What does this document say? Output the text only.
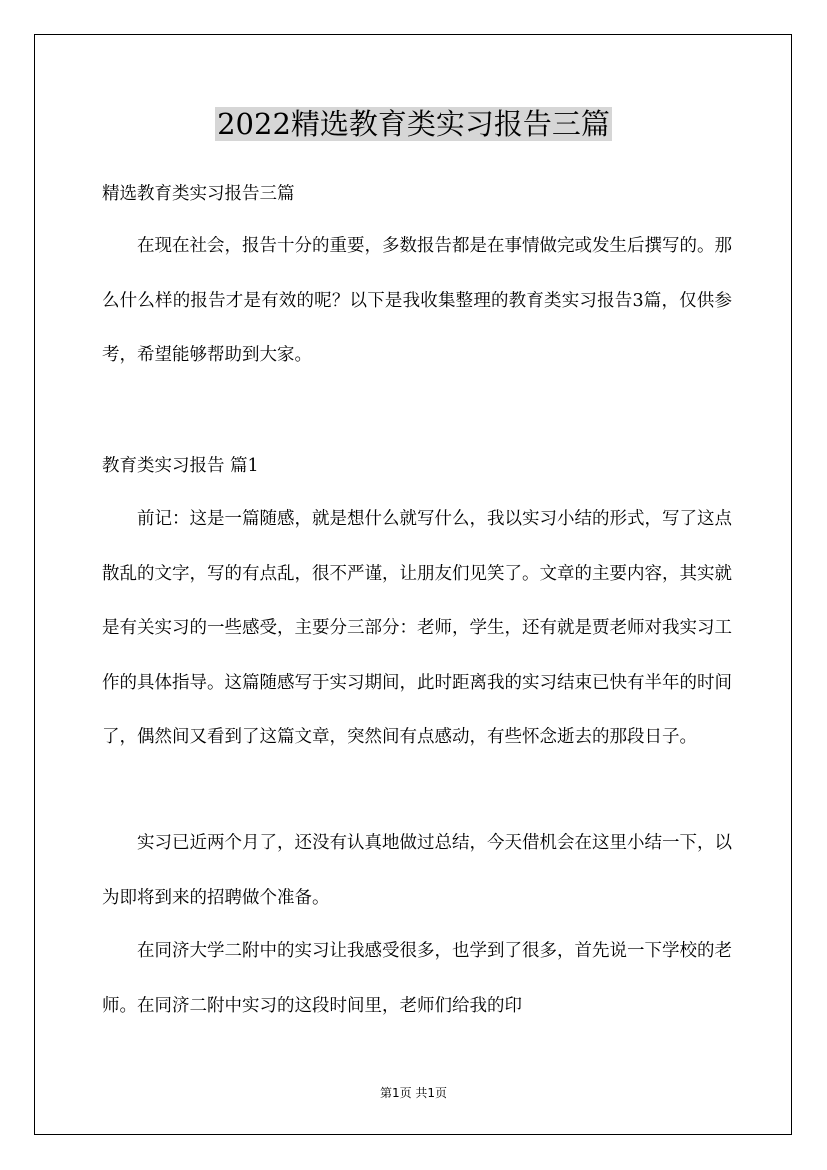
2022精选教育类实习报告三篇
精选教育类实习报告三篇

在现在社会，报告十分的重要，多数报告都是在事情做完或发生后撰写的。那么什么样的报告才是有效的呢？以下是我收集整理的教育类实习报告3篇，仅供参考，希望能够帮助到大家。

教育类实习报告 篇1

前记：这是一篇随感，就是想什么就写什么，我以实习小结的形式，写了这点散乱的文字，写的有点乱，很不严谨，让朋友们见笑了。文章的主要内容，其实就是有关实习的一些感受，主要分三部分：老师，学生，还有就是贾老师对我实习工作的具体指导。这篇随感写于实习期间，此时距离我的实习结束已快有半年的时间了，偶然间又看到了这篇文章，突然间有点感动，有些怀念逝去的那段日子。

实习已近两个月了，还没有认真地做过总结，今天借机会在这里小结一下，以为即将到来的招聘做个准备。

在同济大学二附中的实习让我感受很多，也学到了很多，首先说一下学校的老师。在同济二附中实习的这段时间里，老师们给我的印

第1页 共1页
